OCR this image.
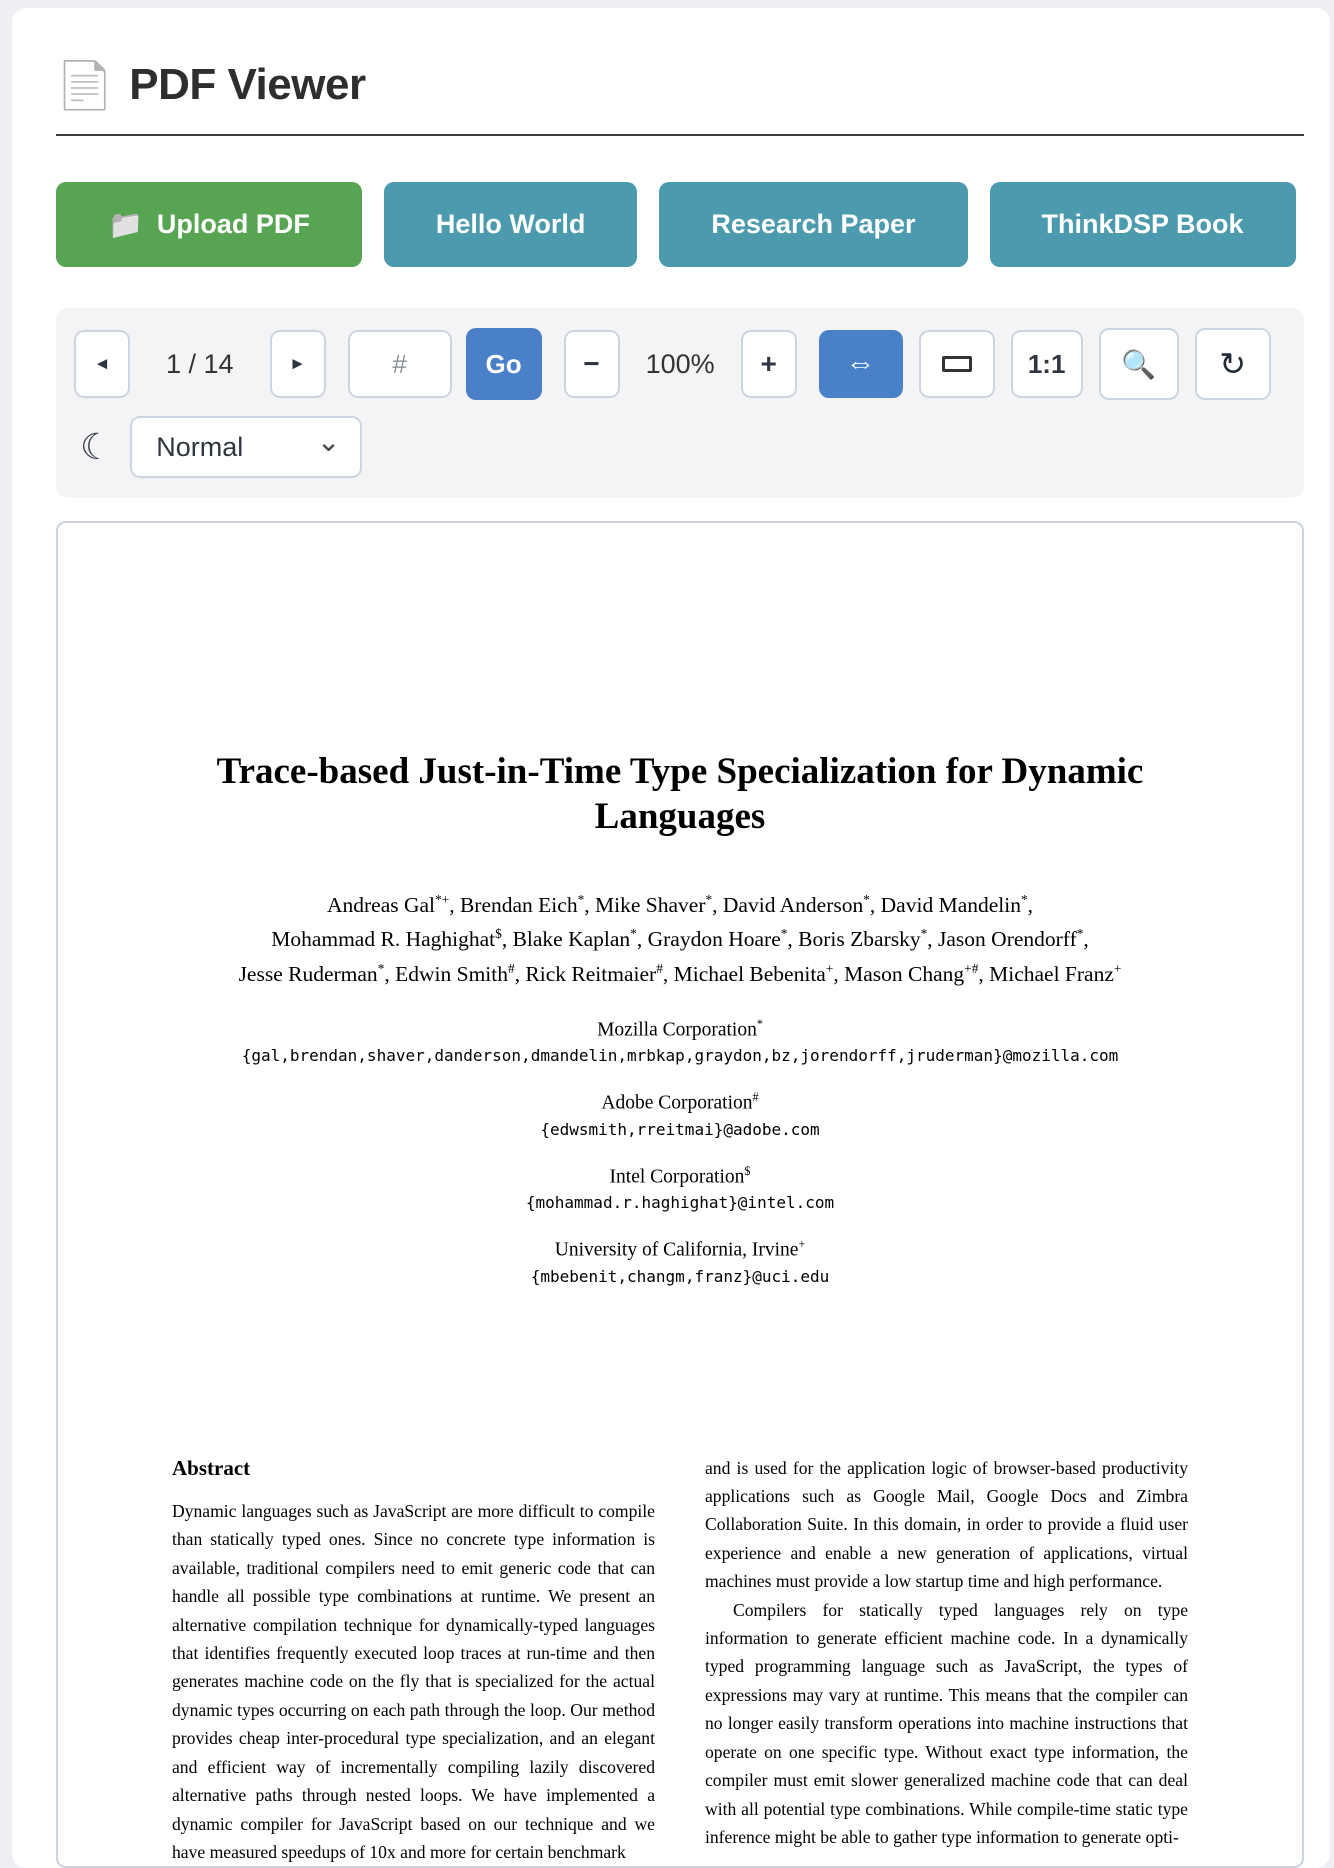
📄 PDF Viewer
📁 Upload PDF	Hello World	Research Paper	ThinkDSP Book
◄ 1 / 14	►
#	Go	−	100%	+	⇔	1:1	🔍 ↻
☾ Normal	⌄
Trace-based Just-in-Time Type Specialization for Dynamic Languages
Andreas Gal*+, Brendan Eich*, Mike Shaver*, David Anderson*, David Mandelin*,
Mohammad R. Haghighat$, Blake Kaplan*, Graydon Hoare*, Boris Zbarsky*, Jason Orendorff*,
Jesse Ruderman*, Edwin Smith#, Rick Reitmaier#, Michael Bebenita+, Mason Chang+#, Michael Franz+
Mozilla Corporation*
{gal,brendan,shaver,danderson,dmandelin,mrbkap,graydon,bz,jorendorff,jruderman}@mozilla.com
Adobe Corporation#
{edwsmith,rreitmai}@adobe.com
Intel Corporation$
{mohammad.r.haghighat}@intel.com
University of California, Irvine+
{mbebenit,changm,franz}@uci.edu
Abstract

Dynamic languages such as JavaScript are more difficult to compile than statically typed ones. Since no concrete type information is available, traditional compilers need to emit generic code that can handle all possible type combinations at runtime. We present an alternative compilation technique for dynamically-typed languages that identifies frequently executed loop traces at run-time and then generates machine code on the fly that is specialized for the actual dynamic types occurring on each path through the loop. Our method provides cheap inter-procedural type specialization, and an elegant and efficient way of incrementally compiling lazily discovered alternative paths through nested loops. We have implemented a dynamic compiler for JavaScript based on our technique and we have measured speedups of 10x and more for certain benchmark

and is used for the application logic of browser-based productivity applications such as Google Mail, Google Docs and Zimbra Collaboration Suite. In this domain, in order to provide a fluid user experience and enable a new generation of applications, virtual machines must provide a low startup time and high performance.

Compilers for statically typed languages rely on type information to generate efficient machine code. In a dynamically typed programming language such as JavaScript, the types of expressions may vary at runtime. This means that the compiler can no longer easily transform operations into machine instructions that operate on one specific type. Without exact type information, the compiler must emit slower generalized machine code that can deal with all potential type combinations. While compile-time static type inference might be able to gather type information to generate opti-
